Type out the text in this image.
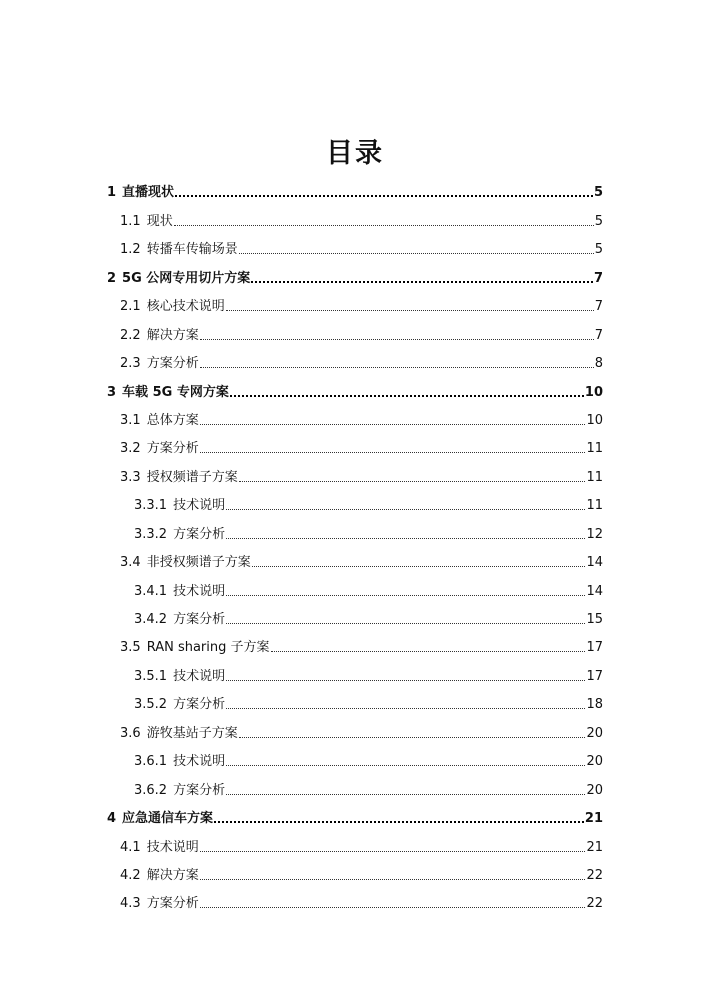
目录
1 直播现状	5
1.1 现状	5
1.2 转播车传输场景	5
2 5G 公网专用切片方案	7
2.1 核心技术说明	7
2.2 解决方案	7
2.3 方案分析	8
3 车载 5G 专网方案	10
3.1 总体方案	10
3.2 方案分析	11
3.3 授权频谱子方案	11
3.3.1 技术说明	11
3.3.2 方案分析	12
3.4 非授权频谱子方案	14
3.4.1 技术说明	14
3.4.2 方案分析	15
3.5 RAN sharing 子方案	17
3.5.1 技术说明	17
3.5.2 方案分析	18
3.6 游牧基站子方案	20
3.6.1 技术说明	20
3.6.2 方案分析	20
4 应急通信车方案	21
4.1 技术说明	21
4.2 解决方案	22
4.3 方案分析	22
